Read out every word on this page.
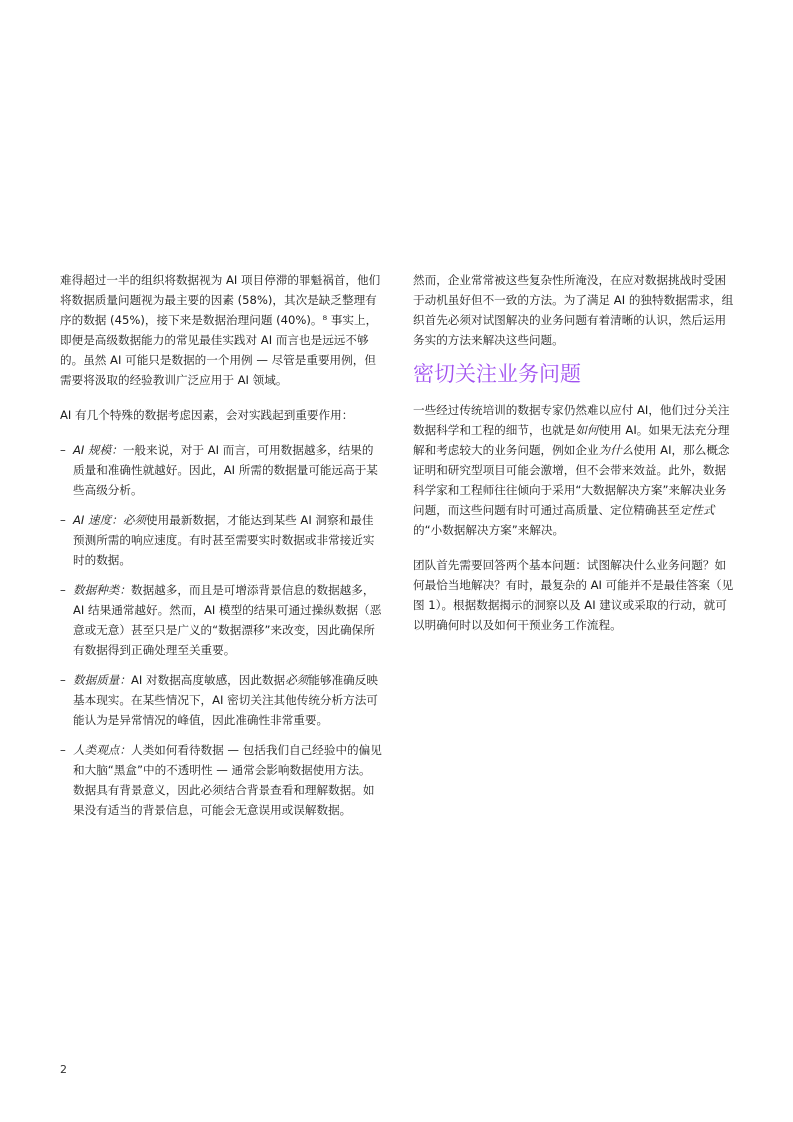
难得超过一半的组织将数据视为 AI 项目停滞的罪魁祸首，他们将数据质量问题视为最主要的因素 (58%)，其次是缺乏整理有序的数据 (45%)，接下来是数据治理问题 (40%)。⁸ 事实上，即便是高级数据能力的常见最佳实践对 AI 而言也是远远不够的。虽然 AI 可能只是数据的一个用例 — 尽管是重要用例，但需要将汲取的经验教训广泛应用于 AI 领域。

AI 有几个特殊的数据考虑因素，会对实践起到重要作用：

– AI 规模：一般来说，对于 AI 而言，可用数据越多，结果的质量和准确性就越好。因此，AI 所需的数据量可能远高于某些高级分析。
– AI 速度：必须使用最新数据，才能达到某些 AI 洞察和最佳预测所需的响应速度。有时甚至需要实时数据或非常接近实时的数据。
– 数据种类：数据越多，而且是可增添背景信息的数据越多，AI 结果通常越好。然而，AI 模型的结果可通过操纵数据（恶意或无意）甚至只是广义的“数据漂移”来改变，因此确保所有数据得到正确处理至关重要。
– 数据质量：AI 对数据高度敏感，因此数据必须能够准确反映基本现实。在某些情况下，AI 密切关注其他传统分析方法可能认为是异常情况的峰值，因此准确性非常重要。
– 人类观点：人类如何看待数据 — 包括我们自己经验中的偏见和大脑“黑盒”中的不透明性 — 通常会影响数据使用方法。数据具有背景意义，因此必须结合背景查看和理解数据。如果没有适当的背景信息，可能会无意误用或误解数据。

然而，企业常常被这些复杂性所淹没，在应对数据挑战时受困于动机虽好但不一致的方法。为了满足 AI 的独特数据需求，组织首先必须对试图解决的业务问题有着清晰的认识，然后运用务实的方法来解决这些问题。

密切关注业务问题

一些经过传统培训的数据专家仍然难以应付 AI，他们过分关注数据科学和工程的细节，也就是如何使用 AI。如果无法充分理解和考虑较大的业务问题，例如企业为什么使用 AI，那么概念证明和研究型项目可能会激增，但不会带来效益。此外，数据科学家和工程师往往倾向于采用“大数据解决方案”来解决业务问题，而这些问题有时可通过高质量、定位精确甚至定性式的“小数据解决方案”来解决。

团队首先需要回答两个基本问题：试图解决什么业务问题？如何最恰当地解决？有时，最复杂的 AI 可能并不是最佳答案（见图 1）。根据数据揭示的洞察以及 AI 建议或采取的行动，就可以明确何时以及如何干预业务工作流程。

2
